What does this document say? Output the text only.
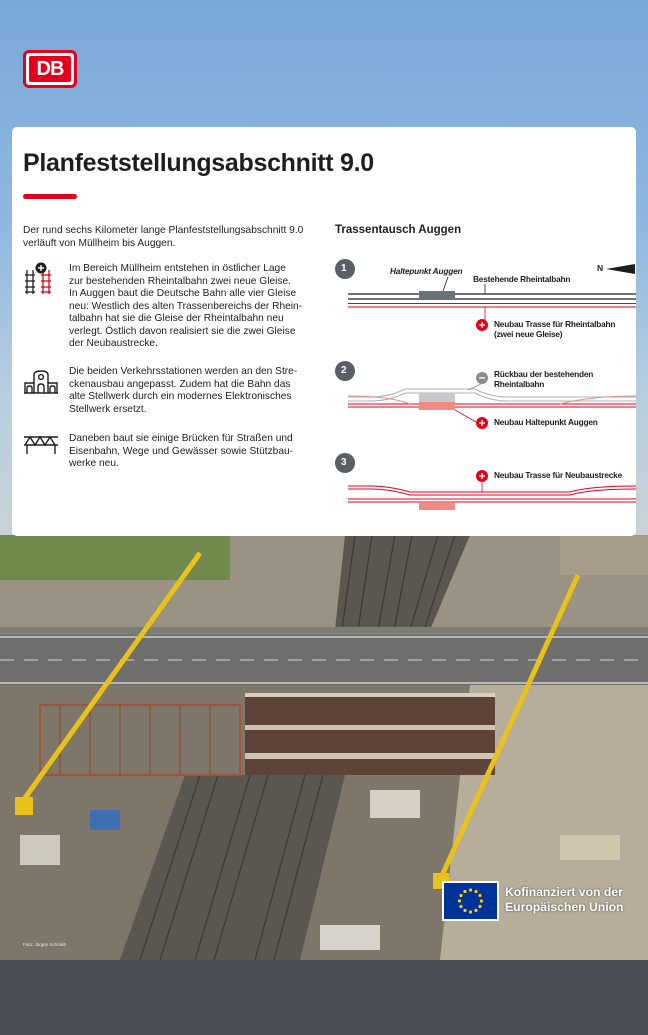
DB
Planfeststellungsabschnitt 9.0

Der rund sechs Kilometer lange Planfeststellungsabschnitt 9.0 verläuft von Müllheim bis Auggen.

Im Bereich Müllheim entstehen in östlicher Lage
zur bestehenden Rheintalbahn zwei neue Gleise.
In Auggen baut die Deutsche Bahn alle vier Gleise
neu: Westlich des alten Trassenbereichs der Rhein-
talbahn hat sie die Gleise der Rheintalbahn neu
verlegt. Östlich davon realisiert sie die zwei Gleise
der Neubaustrecke.

Die beiden Verkehrsstationen werden an den Stre-
ckenausbau angepasst. Zudem hat die Bahn das
alte Stellwerk durch ein modernes Elektronisches
Stellwerk ersetzt.

Daneben baut sie einige Brücken für Straßen und
Eisenbahn, Wege und Gewässer sowie Stützbau-
werke neu.

Trassentausch Auggen
1
2
3
N
Haltepunkt Auggen
Bestehende Rheintalbahn
Neubau Trasse für Rheintalbahn
(zwei neue Gleise)
Rückbau der bestehenden
Rheintalbahn
Neubau Haltepunkt Auggen
Neubau Trasse für Neubaustrecke

Kofinanziert von der
Europäischen Union

Foto: Jürgen Schmidt
